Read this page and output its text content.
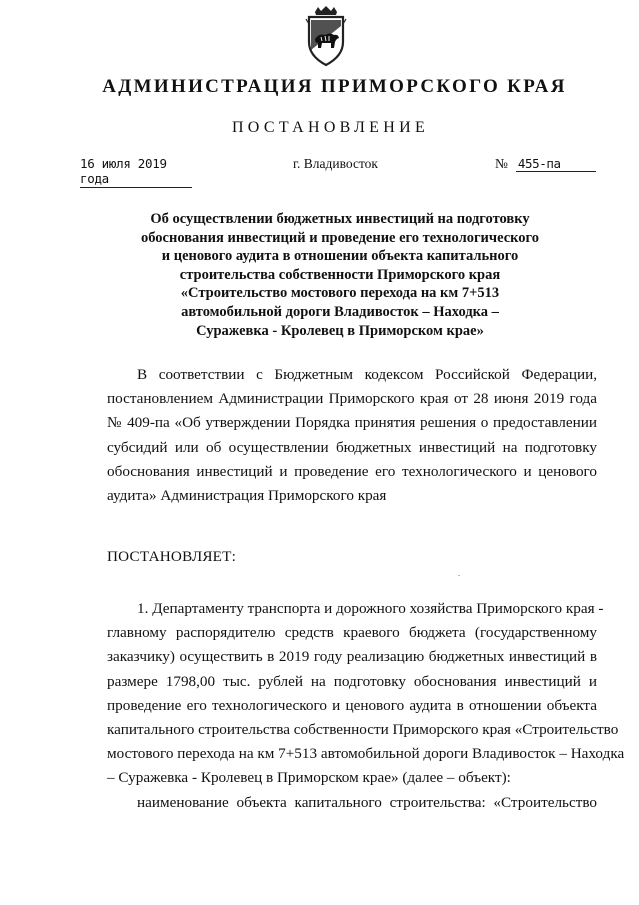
АДМИНИСТРАЦИЯ ПРИМОРСКОГО КРАЯ
ПОСТАНОВЛЕНИЕ
16 июля 2019 года
г. Владивосток	№ 455-па
Об осуществлении бюджетных инвестиций на подготовку
обоснования инвестиций и проведение его технологического
и ценового аудита в отношении объекта капитального
строительства собственности Приморского края
«Строительство мостового перехода на км 7+513
автомобильной дороги Владивосток – Находка –
Суражевка - Кролевец в Приморском крае»
В соответствии с Бюджетным кодексом Российской Федерации,
постановлением Администрации Приморского края от 28 июня 2019 года
№ 409-па «Об утверждении Порядка принятия решения о предоставлении
субсидий или об осуществлении бюджетных инвестиций на подготовку
обоснования инвестиций и проведение его технологического и ценового
аудита» Администрация Приморского края
ПОСТАНОВЛЯЕТ:
1. Департаменту транспорта и дорожного хозяйства Приморского края -
главному распорядителю средств краевого бюджета (государственному
заказчику) осуществить в 2019 году реализацию бюджетных инвестиций в
размере 1798,00 тыс. рублей на подготовку обоснования инвестиций и
проведение его технологического и ценового аудита в отношении объекта
капитального строительства собственности Приморского края «Строительство
мостового перехода на км 7+513 автомобильной дороги Владивосток – Находка
– Суражевка - Кролевец в Приморском крае» (далее – объект):
наименование объекта капитального строительства: «Строительство
